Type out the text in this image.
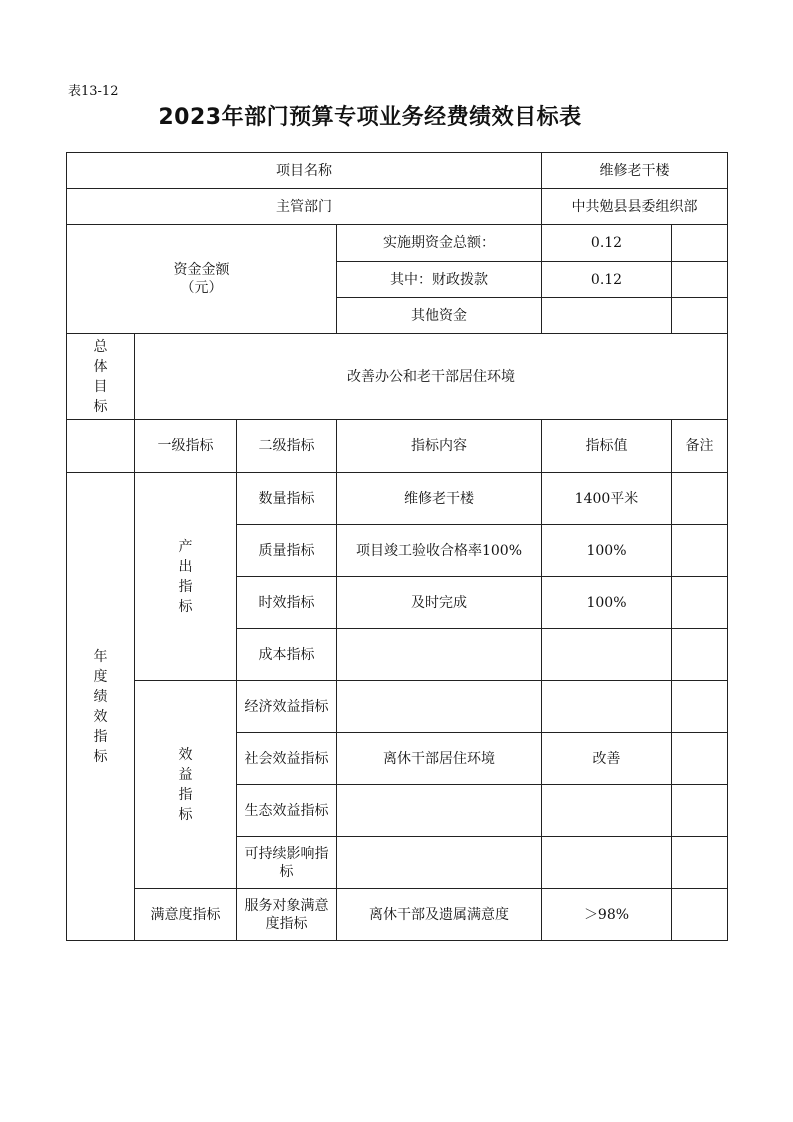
表13-12
2023年部门预算专项业务经费绩效目标表
项目名称				维修老干楼	
主管部门				中共勉县县委组织部	

资金金额
（元）			实施期资金总额：	0.12	
			其中：财政拨款	0.12	
			其他资金		
总体目标	改善办公和老干部居住环境				
	一级指标	二级指标	指标内容	指标值	备注
年度绩效指标	产出指标	数量指标	维修老干楼	1400平米	
		质量指标	项目竣工验收合格率100%	100%	
		时效指标	及时完成	100%	
		成本指标			
	效益指标	经济效益指标			
		社会效益指标	离休干部居住环境	改善	
		生态效益指标			
		可持续影响指标			
	满意度指标	服务对象满意度指标	离休干部及遗属满意度	＞98%	
